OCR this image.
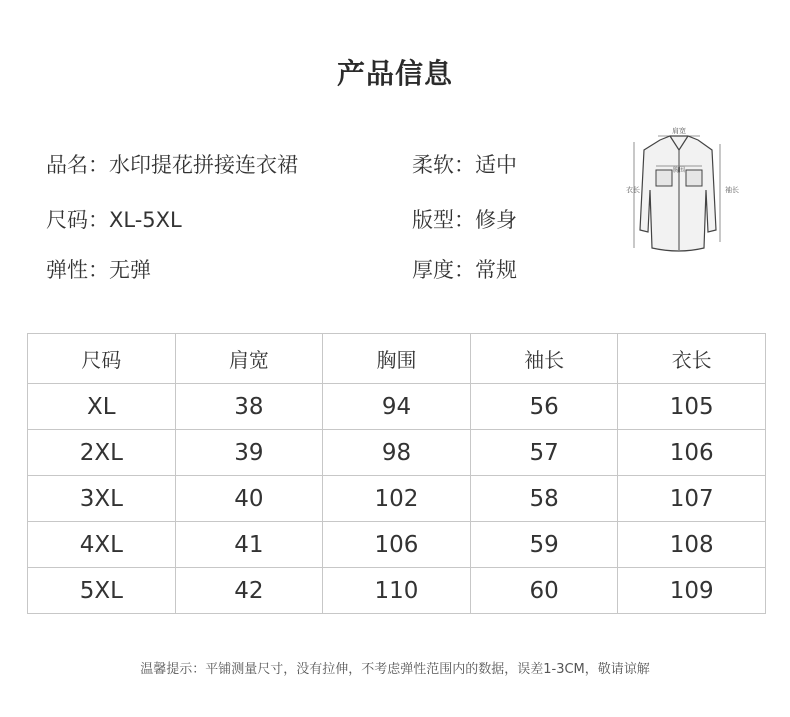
产品信息
品名：水印提花拼接连衣裙
尺码：XL-5XL
弹性：无弹
柔软：适中
版型：修身
厚度：常规
肩宽
衣长	袖长
胸围
尺码	肩宽	胸围	袖长	衣长
XL	38	94	56	105
2XL	39	98	57	106
3XL	40	102	58	107
4XL	41	106	59	108
5XL	42	110	60	109
温馨提示：平铺测量尺寸，没有拉伸，不考虑弹性范围内的数据，误差1-3CM，敬请谅解
